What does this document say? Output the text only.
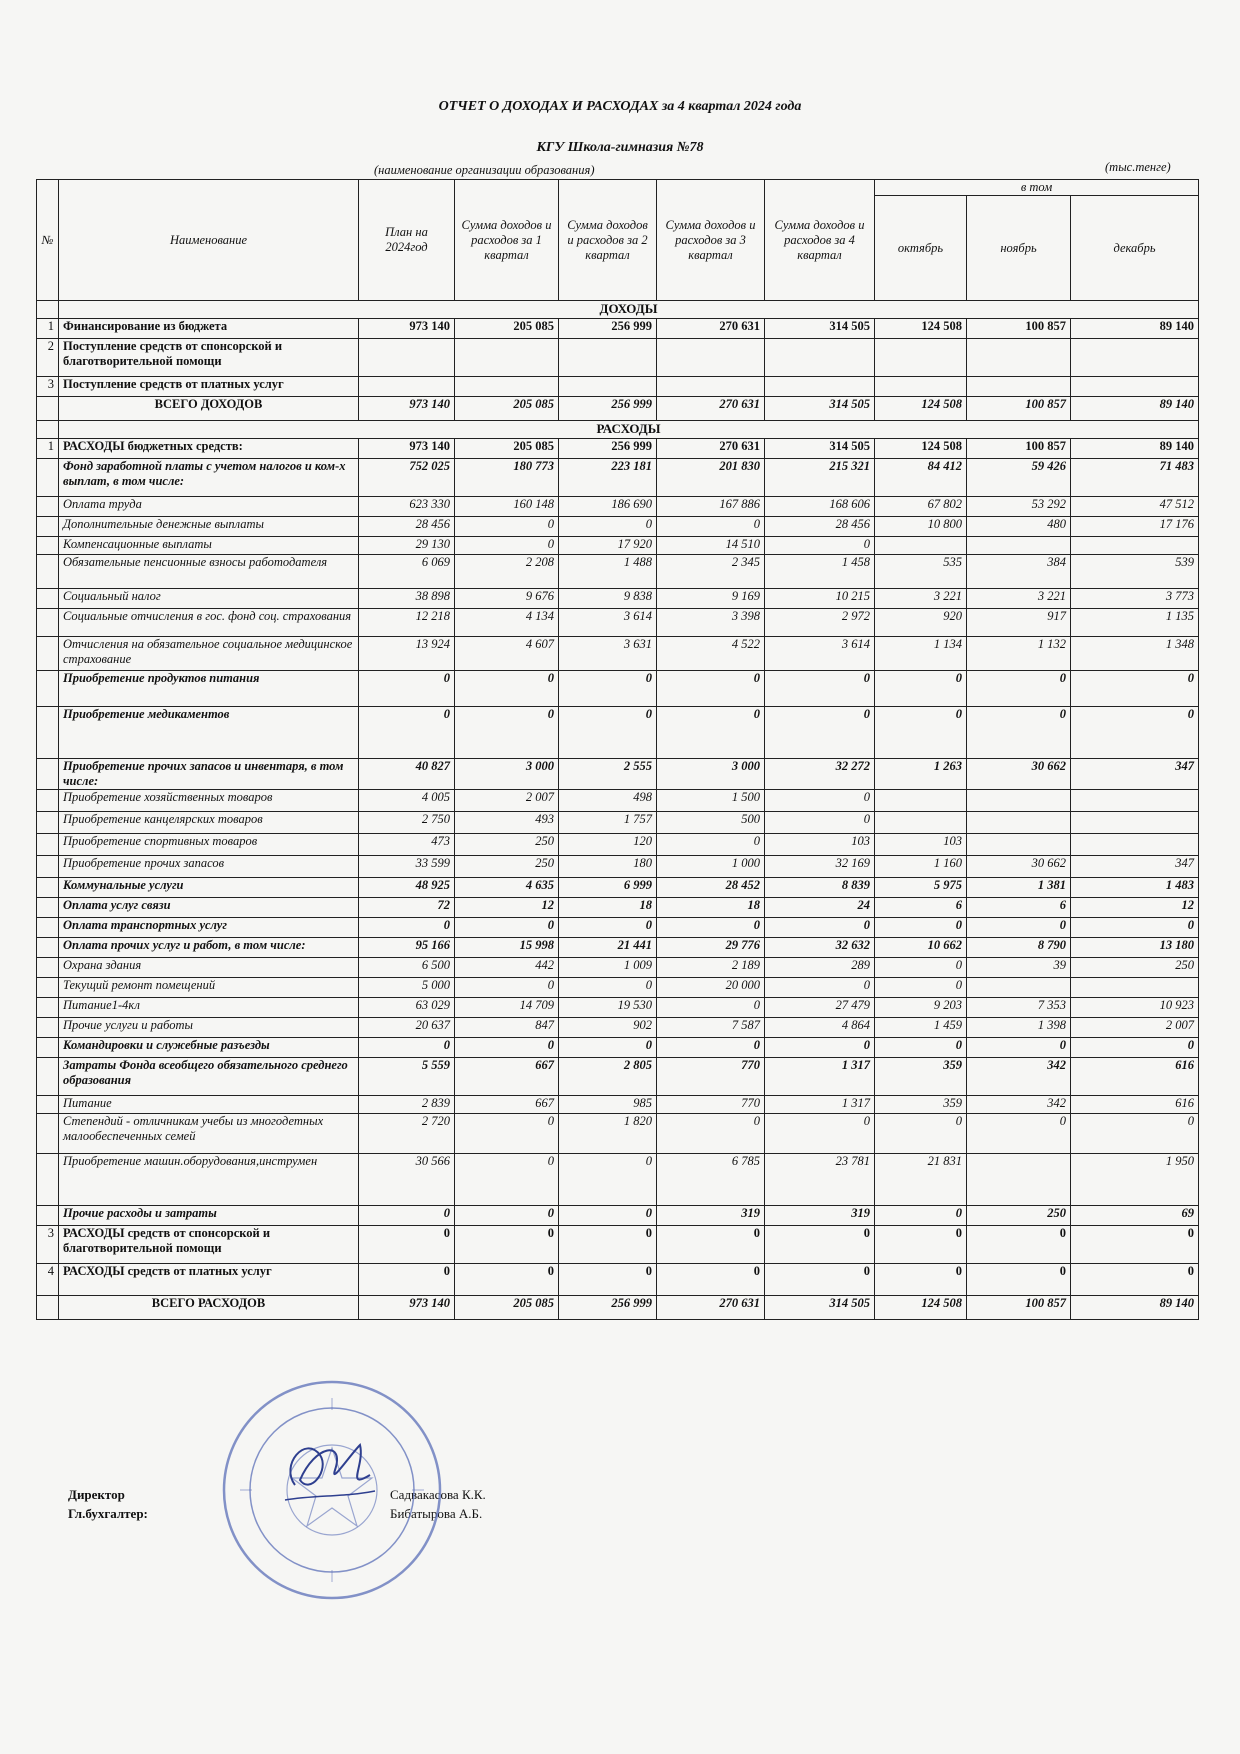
ОТЧЕТ О ДОХОДАХ И РАСХОДАХ за 4 квартал 2024 года
КГУ Школа-гимназия №78
(наименование организации образования)	(тыс.тенге)
№	Наименование	План на 2024год	Сумма доходов и расходов за 1 квартал	Сумма доходов и расходов за 2 квартал	Сумма доходов и расходов за 3 квартал	Сумма доходов и расходов за 4 квартал	в том		
							октябрь	ноябрь	декабрь
	ДОХОДЫ								
1	Финансирование из бюджета	973 140	205 085	256 999	270 631	314 505	124 508	100 857	89 140
2	Поступление средств от спонсорской и благотворительной помощи								
3	Поступление средств от платных услуг								
	ВСЕГО ДОХОДОВ	973 140	205 085	256 999	270 631	314 505	124 508	100 857	89 140
	РАСХОДЫ								
1	РАСХОДЫ бюджетных средств:	973 140	205 085	256 999	270 631	314 505	124 508	100 857	89 140
	Фонд заработной платы с учетом налогов и ком-х выплат, в том числе:	752 025	180 773	223 181	201 830	215 321	84 412	59 426	71 483
	Оплата труда	623 330	160 148	186 690	167 886	168 606	67 802	53 292	47 512
	Дополнительные денежные выплаты	28 456	0	0	0	28 456	10 800	480	17 176
	Компенсационные выплаты	29 130	0	17 920	14 510	0			
	Обязательные пенсионные взносы работодателя	6 069	2 208	1 488	2 345	1 458	535	384	539
	Социальный налог	38 898	9 676	9 838	9 169	10 215	3 221	3 221	3 773
	Социальные отчисления в гос. фонд соц. страхования	12 218	4 134	3 614	3 398	2 972	920	917	1 135
	Отчисления на обязательное социальное медицинское страхование	13 924	4 607	3 631	4 522	3 614	1 134	1 132	1 348
	Приобретение продуктов питания	0	0	0	0	0	0	0	0
	Приобретение медикаментов	0	0	0	0	0	0	0	0
	Приобретение прочих запасов и инвентаря, в том числе:	40 827	3 000	2 555	3 000	32 272	1 263	30 662	347
	Приобретение хозяйственных товаров	4 005	2 007	498	1 500	0			
	Приобретение канцелярских товаров	2 750	493	1 757	500	0			
	Приобретение спортивных товаров	473	250	120	0	103	103		
	Приобретение прочих запасов	33 599	250	180	1 000	32 169	1 160	30 662	347
	Коммунальные услуги	48 925	4 635	6 999	28 452	8 839	5 975	1 381	1 483
	Оплата услуг связи	72	12	18	18	24	6	6	12
	Оплата транспортных услуг	0	0	0	0	0	0	0	0
	Оплата прочих услуг и работ, в том числе:	95 166	15 998	21 441	29 776	32 632	10 662	8 790	13 180
	Охрана здания	6 500	442	1 009	2 189	289	0	39	250
	Текущий ремонт помещений	5 000	0	0	20 000	0	0		
	Питание1-4кл	63 029	14 709	19 530	0	27 479	9 203	7 353	10 923
	Прочие услуги и работы	20 637	847	902	7 587	4 864	1 459	1 398	2 007
	Командировки и служебные разъезды	0	0	0	0	0	0	0	0
	Затраты Фонда всеобщего обязательного среднего образования	5 559	667	2 805	770	1 317	359	342	616
	Питание	2 839	667	985	770	1 317	359	342	616
	Степендий - отличникам учебы из многодетных малообеспеченных семей	2 720	0	1 820	0	0	0	0	0
	Приобретение машин.оборудования,инструмен	30 566	0	0	6 785	23 781	21 831		1 950
	Прочие расходы и затраты	0	0	0	319	319	0	250	69
3	РАСХОДЫ средств от спонсорской и благотворительной помощи	0	0	0	0	0	0	0	0
4	РАСХОДЫ средств от платных услуг	0	0	0	0	0	0	0	0
	ВСЕГО РАСХОДОВ	973 140	205 085	256 999	270 631	314 505	124 508	100 857	89 140
Директор
Гл.бухгалтер:
Садвакасова К.К.
Бибатырова А.Б.
